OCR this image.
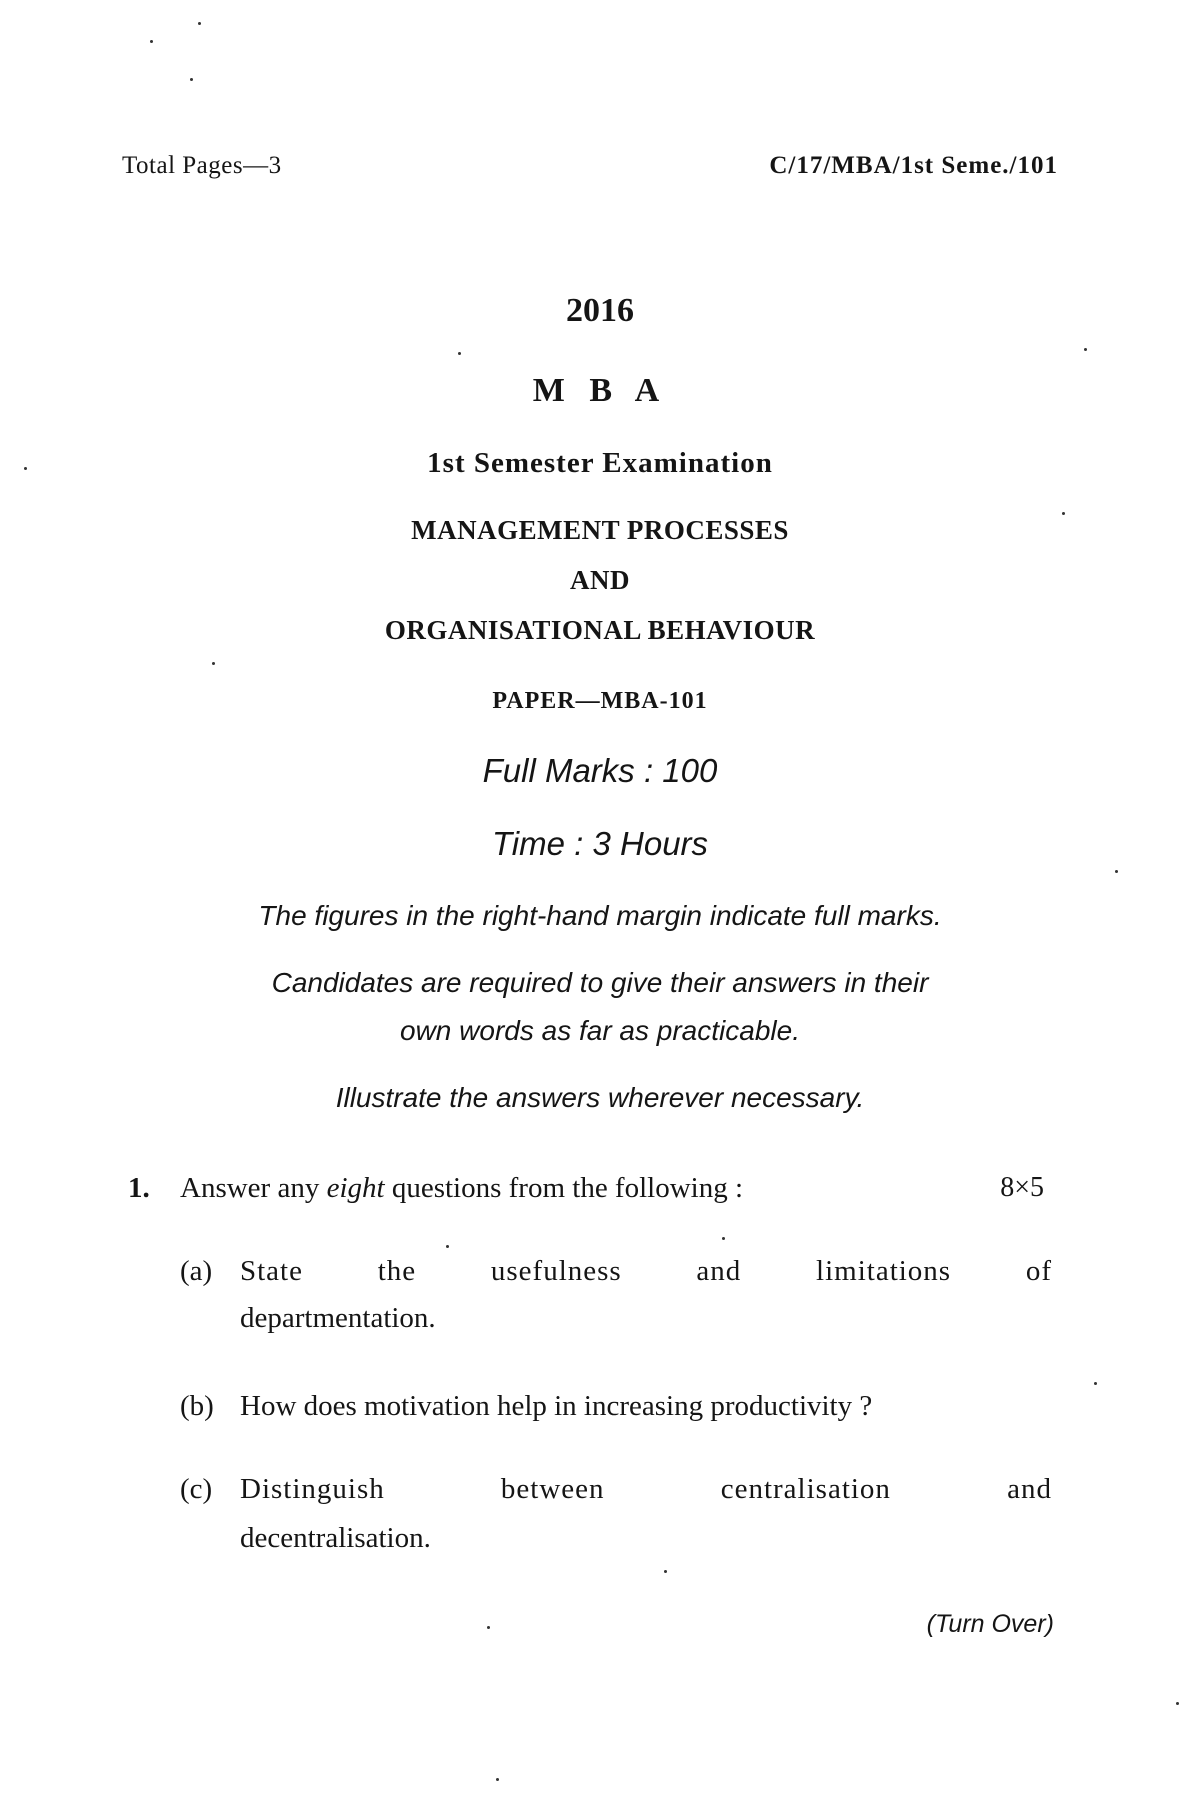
Total Pages—3	C/17/MBA/1st Seme./101
2016
M B A
1st Semester Examination
MANAGEMENT PROCESSES
AND
ORGANISATIONAL BEHAVIOUR
PAPER—MBA-101
Full Marks : 100
Time : 3 Hours
The figures in the right-hand margin indicate full marks.
Candidates are required to give their answers in their
own words as far as practicable.
Illustrate the answers wherever necessary.
1. Answer any eight questions from the following :	8×5
(a) State the usefulness and limitations of
departmentation.
(b) How does motivation help in increasing productivity ?
(c) Distinguish between centralisation and
decentralisation.
(Turn Over)
